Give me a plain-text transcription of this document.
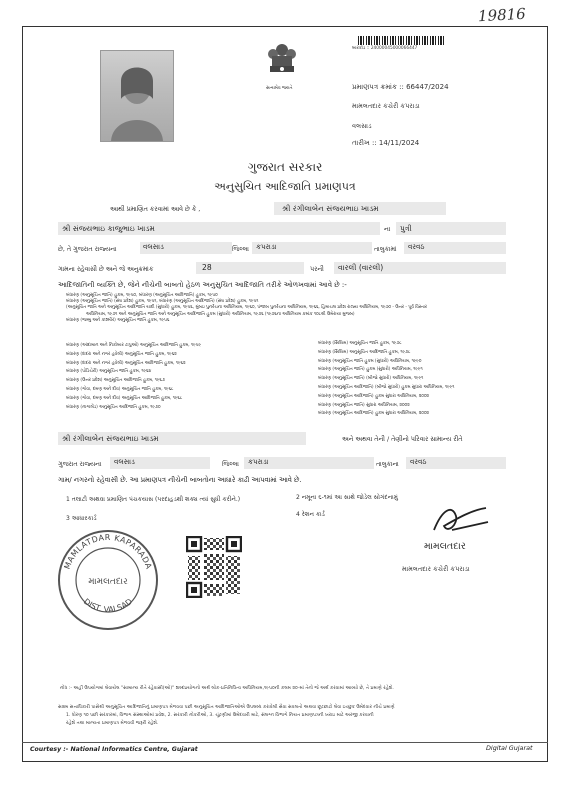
19816
સત્યમેવ જયતે
બારકોડ :: 24000045000066447
પ્રમાણપત્ર ક્રમાંક :: 66447/2024
મામલતદાર કચેરી કપરાડા
વલસાડ
તારીખ :: 14/11/2024
ગુજરાત સરકાર
અનુસુચિત આદિજાતિ પ્રમાણપત્ર
આથી પ્રમાણિત કરવામાં આવે છે કે ,	શ્રી રંગીલાબેન સંજયભાઇ ખાડમ
શ્રી સંજયભાઇ કાજુભાઇ ખાડમ	ના પુત્રી
છે, તે ગુજરાત રાજ્યના	વલસાડ	જિલ્લા કપરાડા	તાલુકામાં વરવઠ
ગામના રહેવાસી છે અને જે અનુક્રમાંક	28	પરની વારલી (વારલી)
આદિજાતિની વ્યક્તિ છે, જેને નીચેની બાબતો હેઠળ અનુસુચિત આદિજાતિ તરીકે ઓળખવામાં આવે છે :-
બંધારણ (અનુસૂચિત જાતિ) હુકમ, ૧૯૫૦, બંધારણ (અનુસૂચિત આદિજાતિ) હુકમ, ૧૯૫૦
બંધારણ (અનુસૂચિત જાતિ) (સંઘ પ્રદેશ) હુકમ, ૧૯૫૧, બંધારણ (અનુસૂચિત આદિજાતિ) (સંઘ પ્રદેશ) હુકમ, ૧૯૫૧
(અનુસૂચિત જાતિ અને અનુસૂચિત આદિજાતિ યાદી (સુધારો) હુકમ, ૧૯૫૬, મુંબઇ પુનર્રચના અધિનિયમ, ૧૯૬૦, પંજાબ પુનર્રચના અધિનિયમ, ૧૯૬૬, હિમાચલ પ્રદેશ રાજ્ય અધિનિયમ, ૧૯૭૦ - ઉત્તર - પૂર્વ વિસ્તાર
અધિનિયમ, ૧૯૭૧ અને અનુસૂચિત જાતિ અને અનુસૂચિત આદિજાતિ હુકમ (સુધારો) અધિનિયમ, ૧૯૭૬ (૧૯૭૬ના અધિનિયમ ક્રમાંક ૧૦૮થી ઉમેરાયા મુજબ)
બંધારણ (જમ્મુ અને કાશ્મીર) અનુસૂચિત જાતિ હુકમ, ૧૯૫૬
બંધારણ (આંદામાન અને નિકોબાર ટાપુઓ) અનુસૂચિત આદિજાતિ હુકમ, ૧૯૫૯
બંધારણ (દાદરા અને નગર હવેલી) અનુસૂચિત જાતિ હુકમ, ૧૯૬૨
બંધારણ (દાદરા અને નગર હવેલી) અનુસૂચિત આદિજાતિ હુકમ, ૧૯૬૨
બંધારણ (પોંડિચેરી) અનુસૂચિત જાતિ હુકમ, ૧૯૬૪
બંધારણ (ઉત્તર પ્રદેશ) અનુસૂચિત આદિજાતિ હુકમ, ૧૯૬૭
બંધારણ (ગોવા, દમણ અને દીવ) અનુસૂચિત જાતિ હુકમ, ૧૯૬૮
બંધારણ (ગોવા, દમણ અને દીવ) અનુસૂચિત આદિજાતિ હુકમ, ૧૯૬૮
બંધારણ (નાગાલેંડ) અનુસૂચિત આદિજાતિ હુકમ, ૧૯૭૦
બંધારણ (સિક્કિમ) અનુસૂચિત જાતિ હુકમ, ૧૯૭૮
બંધારણ (સિક્કિમ) અનુસૂચિત આદિજાતિ હુકમ, ૧૯૭૮
બંધારણ (અનુસૂચિત જાતિ હુકમ (સુધારો) અધિનિયમ, ૧૯૯૦
બંધારણ (અનુસૂચિત જાતિ) હુકમ (સુધારો) અધિનિયમ, ૧૯૯૧
બંધારણ (અનુસૂચિત જાતિ) (બીજો સુધારો) અધિનિયમ, ૧૯૯૧
બંધારણ (અનુસૂચિત આદિજાતિ) (બીજો સુધારો) હુકમ સુધારા અધિનિયમ, ૧૯૯૧
બંધારણ (અનુસૂચિત આદિજાતિ) હુકમ સુધારા અધિનિયમ, ૨૦૦૨
બંધારણ (અનુસૂચિત જાતિ) સુધારા અધિનિયમ, ૨૦૦૨
બંધારણ (અનુસૂચિત આદિજાતિ) હુકમ સુધારા અધિનિયમ, ૨૦૦૨
શ્રી રંગીલાબેન સંજયભાઇ ખાડમ	અને અથવા તેની / તેણીનો પરિવાર સામાન્ય રીતે
ગુજરાત રાજ્યના વલસાડ	જિલ્લા કપરાડા	તાલુકાના વરવઠ
ગામ/ નગરનો રહેવાસી છે. આ પ્રમાણપત્ર નીચેની બાબતોના આધારે કાઢી આપવામાં આવે છે.
1 તલાટી અથવા પ્રમાણિત પંચકયાસ (પરદાહડથી શક્ય ત્યાં સુધી કરીને.)	2 નમૂના ૬-૧માં આ સાથે જોડેલ સોગંદનામું
3 આધારકાર્ડ
4 રેશન કાર્ડ
MAMLATDAR KAPARADA
DIST. VALSAD
મામલતદાર
મામલતદાર
મામલતદાર કચેરી કપરાડા
નોંધ :- અહીં ઉપયોગમાં લેવાયેલ "સામાન્ય રીતે રહેવાસી(ઓ)" શબ્દપ્રયોગનો અર્થ લોક-પ્રતિનિધિત્વ અધિનિયમ,૧૯૫૦ની કલમ ૨૦-માં તેનો જે અર્થ કરવામાં આવ્યો છે, તે પ્રમાણે રહેશે.
સક્ષમ સત્તાધિકારી પાસેથી અનુસૂચિત આદિજાતિનું પ્રમાણપત્ર મેળવવા પછી અનુસૂચિત આદિજાતિઓએ ઉપલબ્ધ કરાવેલી સેવા સવલતો અથવા છૂટછાટો લેવા ઇચ્છુક ઉમેદવાર નીચે પ્રમાણે
1. ધોરણ ૧૦ પછી સરકારમાં, વિભાગ સંસ્થાઓમાં પ્રવેશ, 2. સરકારી નોકરીઓ, 3. ચૂંટણીમાં ઉમેદવારી માટે, સંલગ્ન વિભાગે નિયત પ્રમાણપત્રની ખરાઇ માટે અરજી કરવાની
રહેશે તથા માન્યતા પ્રમાણપત્ર મેળવવી જરૂરી રહેશે.
Courtesy :- National Informatics Centre, Gujarat	Digital Gujarat
